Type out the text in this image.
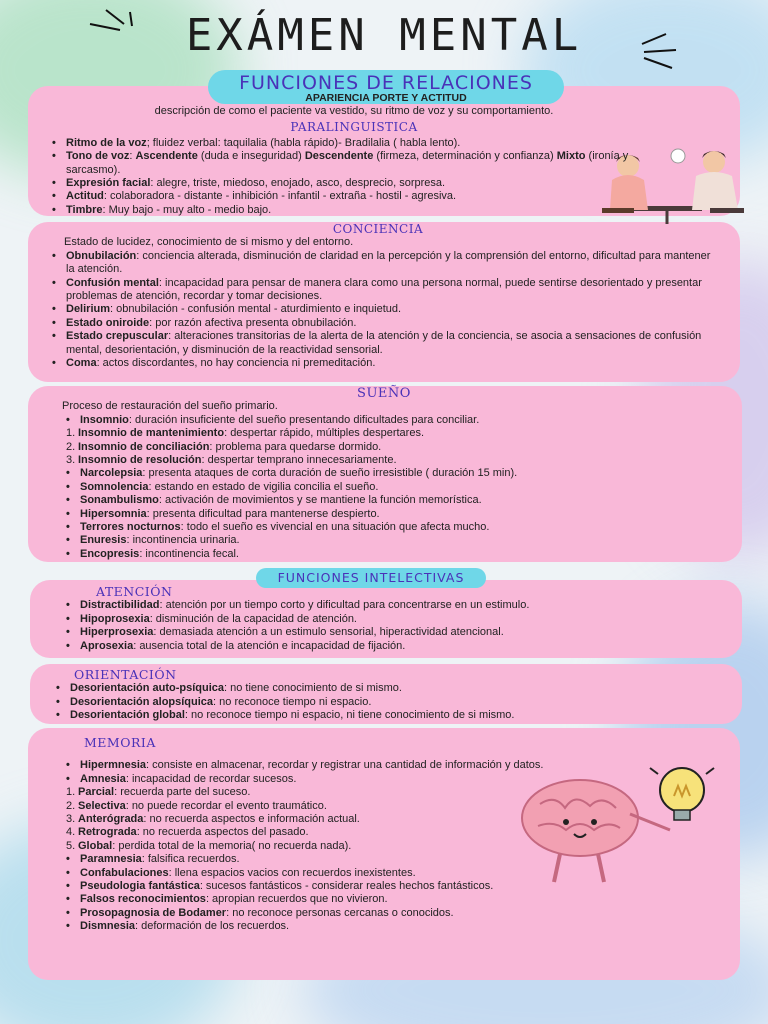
EXÁMEN MENTAL
FUNCIONES DE RELACIONES
APARIENCIA PORTE Y ACTITUD

descripción de como el paciente va vestido, su ritmo de voz y su comportamiento.

PARALINGUISTICA

• Ritmo de la voz; fluidez verbal: taquilalia (habla rápido)- Bradilalia ( habla lento).
• Tono de voz: Ascendente (duda e inseguridad) Descendente (firmeza, determinación y confianza) Mixto (ironía y sarcasmo).
• Expresión facial: alegre, triste, miedoso, enojado, asco, desprecio, sorpresa.
• Actitud: colaboradora - distante - inhibición - infantil - extraña - hostil - agresiva.
• Timbre: Muy bajo - muy alto - medio bajo.

CONCIENCIA

Estado de lucidez, conocimiento de si mismo y del entorno.

• Obnubilación: conciencia alterada, disminución de claridad en la percepción y la comprensión del entorno, dificultad para mantener la atención.
• Confusión mental: incapacidad para pensar de manera clara como una persona normal, puede sentirse desorientado y presentar problemas de atención, recordar y tomar decisiones.
• Delirium: obnubilación - confusión mental - aturdimiento e inquietud.
• Estado oniroide: por razón afectiva presenta obnubilación.
• Estado crepuscular: alteraciones transitorias de la alerta de la atención y de la conciencia, se asocia a sensaciones de confusión mental, desorientación, y disminución de la reactividad sensorial.
• Coma: actos discordantes, no hay conciencia ni premeditación.

SUEÑO

Proceso de restauración del sueño primario.

• Insomnio: duración insuficiente del sueño presentando dificultades para conciliar.
1. Insomnio de mantenimiento: despertar rápido, múltiples despertares.
2. Insomnio de conciliación: problema para quedarse dormido.
3. Insomnio de resolución: despertar temprano innecesariamente.
• Narcolepsia: presenta ataques de corta duración de sueño irresistible ( duración 15 min).
• Somnolencia: estando en estado de vigilia concilia el sueño.
• Sonambulismo: activación de movimientos y se mantiene la función memorística.
• Hipersomnia: presenta dificultad para mantenerse despierto.
• Terrores nocturnos: todo el sueño es vivencial en una situación que afecta mucho.
• Enuresis: incontinencia urinaria.
• Encopresis: incontinencia fecal.
FUNCIONES INTELECTIVAS

ATENCIÓN

• Distractibilidad: atención por un tiempo corto y dificultad para concentrarse en un estimulo.
• Hipoprosexia: disminución de la capacidad de atención.
• Hiperprosexia: demasiada atención a un estimulo sensorial, hiperactividad atencional.
• Aprosexia: ausencia total de la atención e incapacidad de fijación.

ORIENTACIÓN

• Desorientación auto-psíquica: no tiene conocimiento de si mismo.
• Desorientación alopsíquica: no reconoce tiempo ni espacio.
• Desorientación global: no reconoce tiempo ni espacio, ni tiene conocimiento de si mismo.

MEMORIA

• Hipermnesia: consiste en almacenar, recordar y registrar una cantidad de información y datos.
• Amnesia: incapacidad de recordar sucesos.
1. Parcial: recuerda parte del suceso.
2. Selectiva: no puede recordar el evento traumático.
3. Anterógrada: no recuerda aspectos e información actual.
4. Retrograda: no recuerda aspectos del pasado.
5. Global: perdida total de la memoria( no recuerda nada).
• Paramnesia: falsifica recuerdos.
• Confabulaciones: llena espacios vacios con recuerdos inexistentes.
• Pseudologia fantástica: sucesos fantásticos - considerar reales hechos fantásticos.
• Falsos reconocimientos: apropian recuerdos que no vivieron.
• Prosopagnosia de Bodamer: no reconoce personas cercanas o conocidos.
• Dismnesia: deformación de los recuerdos.
